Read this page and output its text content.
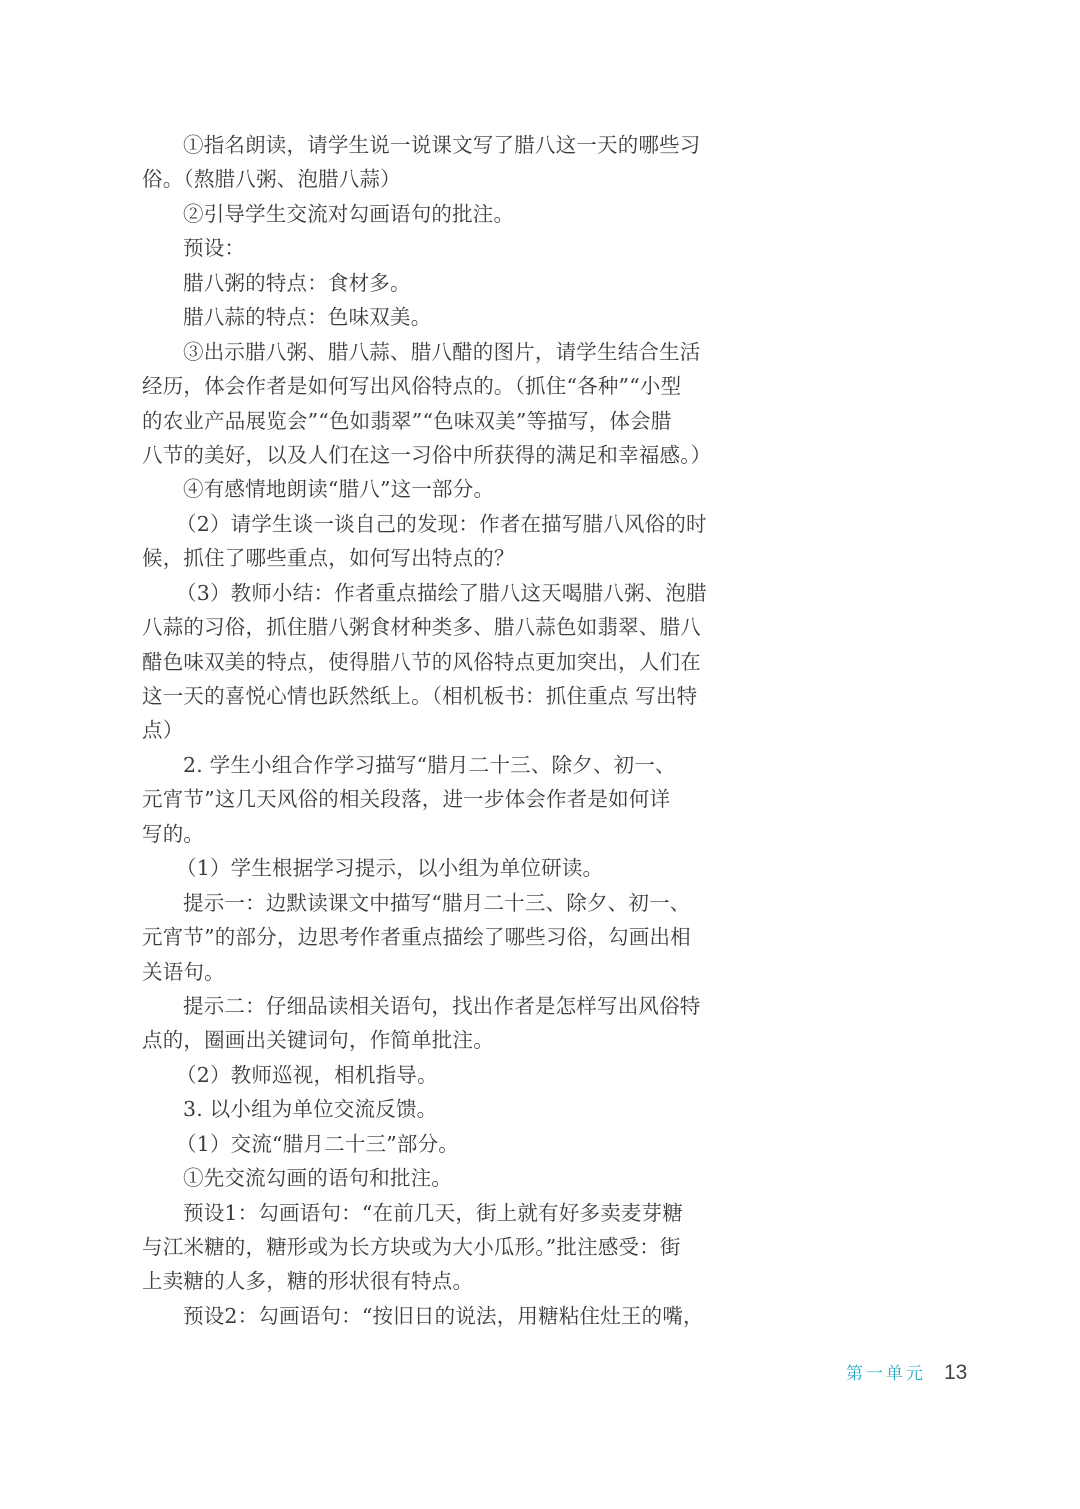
①指名朗读，请学生说一说课文写了腊八这一天的哪些习
俗。（熬腊八粥、泡腊八蒜）
②引导学生交流对勾画语句的批注。
预设：
腊八粥的特点：食材多。
腊八蒜的特点：色味双美。
③出示腊八粥、腊八蒜、腊八醋的图片，请学生结合生活
经历，体会作者是如何写出风俗特点的。（抓住“各种”“小型
的农业产品展览会”“色如翡翠”“色味双美”等描写，体会腊
八节的美好，以及人们在这一习俗中所获得的满足和幸福感。）
④有感情地朗读“腊八”这一部分。
（2）请学生谈一谈自己的发现：作者在描写腊八风俗的时
候，抓住了哪些重点，如何写出特点的？
（3）教师小结：作者重点描绘了腊八这天喝腊八粥、泡腊
八蒜的习俗，抓住腊八粥食材种类多、腊八蒜色如翡翠、腊八
醋色味双美的特点，使得腊八节的风俗特点更加突出，人们在
这一天的喜悦心情也跃然纸上。（相机板书：抓住重点 写出特
点）
2. 学生小组合作学习描写“腊月二十三、除夕、初一、
元宵节”这几天风俗的相关段落，进一步体会作者是如何详
写的。
（1）学生根据学习提示，以小组为单位研读。
提示一：边默读课文中描写“腊月二十三、除夕、初一、
元宵节”的部分，边思考作者重点描绘了哪些习俗，勾画出相
关语句。
提示二：仔细品读相关语句，找出作者是怎样写出风俗特
点的，圈画出关键词句，作简单批注。
（2）教师巡视，相机指导。
3. 以小组为单位交流反馈。
（1）交流“腊月二十三”部分。
①先交流勾画的语句和批注。
预设1：勾画语句：“在前几天，街上就有好多卖麦芽糖
与江米糖的，糖形或为长方块或为大小瓜形。”批注感受：街
上卖糖的人多，糖的形状很有特点。
预设2：勾画语句：“按旧日的说法，用糖粘住灶王的嘴，
第一单元 13
